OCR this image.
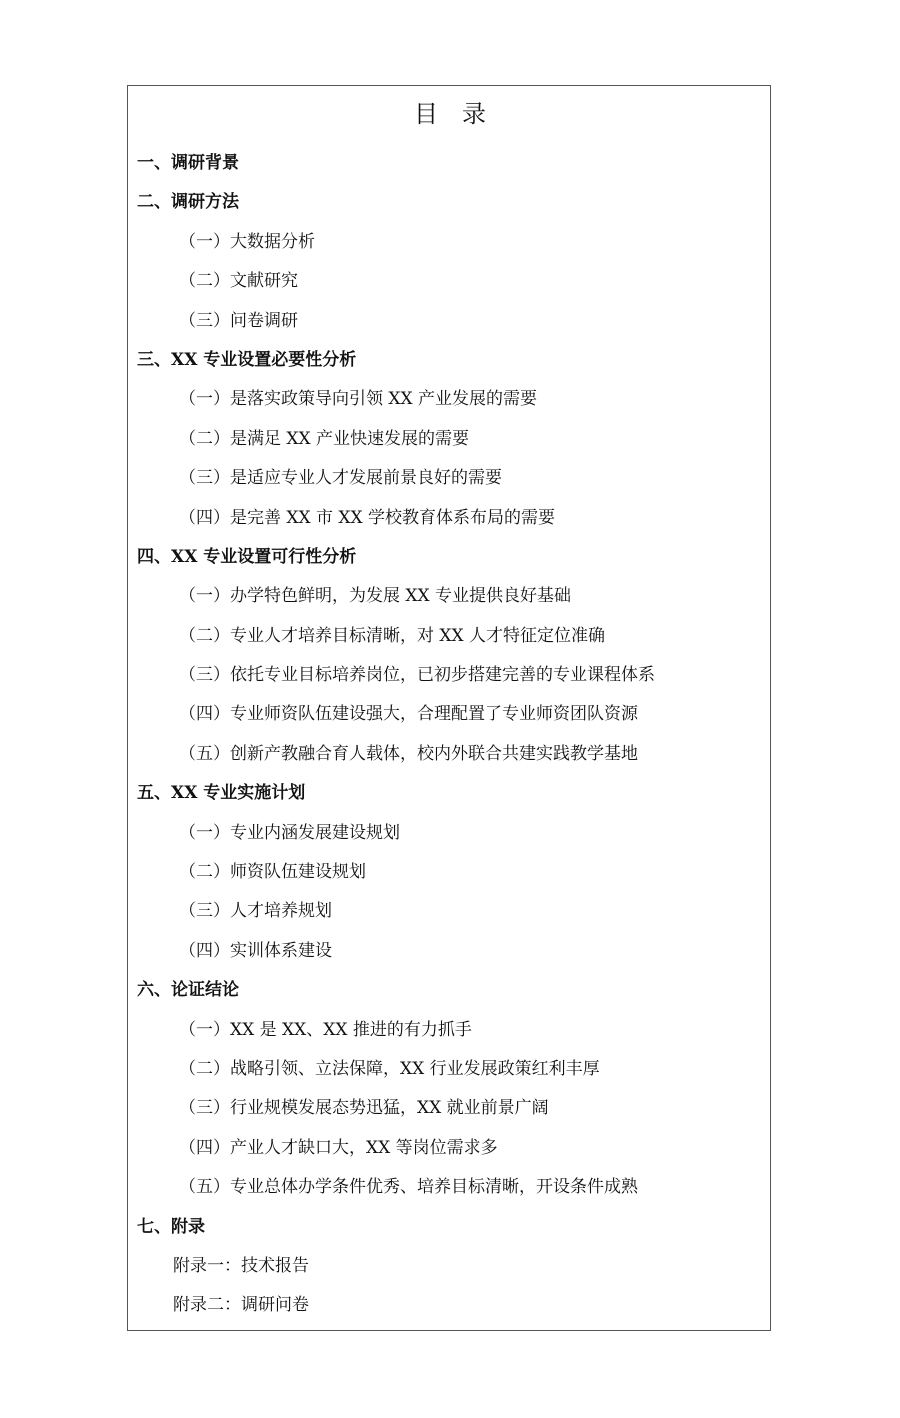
目　录
一、调研背景
二、调研方法
（一）大数据分析
（二）文献研究
（三）问卷调研
三、XX 专业设置必要性分析
（一）是落实政策导向引领 XX 产业发展的需要
（二）是满足 XX 产业快速发展的需要
（三）是适应专业人才发展前景良好的需要
（四）是完善 XX 市 XX 学校教育体系布局的需要
四、XX 专业设置可行性分析
（一）办学特色鲜明，为发展 XX 专业提供良好基础
（二）专业人才培养目标清晰，对 XX 人才特征定位准确
（三）依托专业目标培养岗位，已初步搭建完善的专业课程体系
（四）专业师资队伍建设强大，合理配置了专业师资团队资源
（五）创新产教融合育人载体，校内外联合共建实践教学基地
五、XX 专业实施计划
（一）专业内涵发展建设规划
（二）师资队伍建设规划
（三）人才培养规划
（四）实训体系建设
六、论证结论
（一）XX 是 XX、XX 推进的有力抓手
（二）战略引领、立法保障，XX 行业发展政策红利丰厚
（三）行业规模发展态势迅猛，XX 就业前景广阔
（四）产业人才缺口大，XX 等岗位需求多
（五）专业总体办学条件优秀、培养目标清晰，开设条件成熟
七、附录
附录一：技术报告
附录二：调研问卷
